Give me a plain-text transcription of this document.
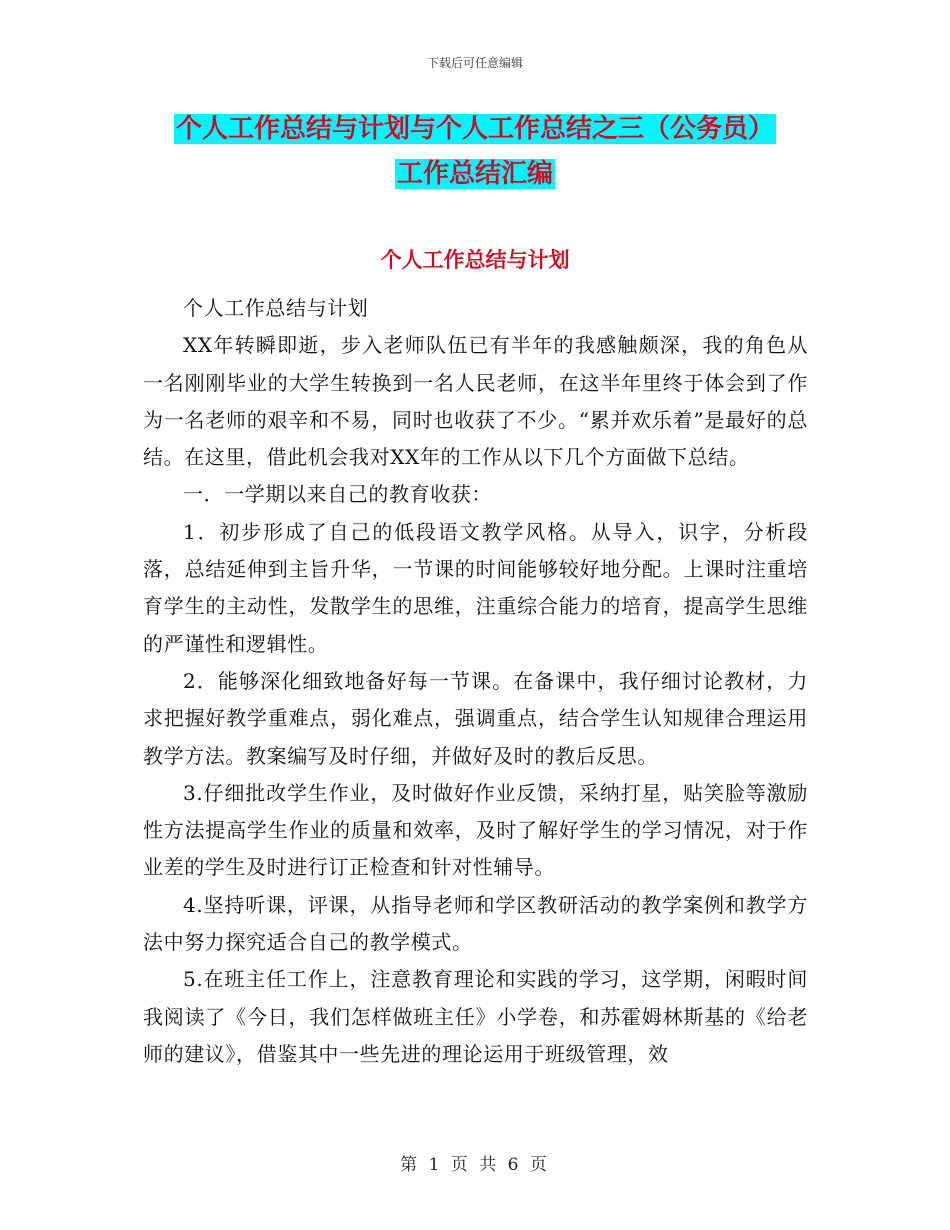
下载后可任意编辑
个人工作总结与计划与个人工作总结之三（公务员）
工作总结汇编
个人工作总结与计划

个人工作总结与计划

XX年转瞬即逝，步入老师队伍已有半年的我感触颇深，我的角色从一名刚刚毕业的大学生转换到一名人民老师，在这半年里终于体会到了作为一名老师的艰辛和不易，同时也收获了不少。“累并欢乐着”是最好的总结。在这里，借此机会我对XX年的工作从以下几个方面做下总结。

一．一学期以来自己的教育收获：

1．初步形成了自己的低段语文教学风格。从导入，识字，分析段落，总结延伸到主旨升华，一节课的时间能够较好地分配。上课时注重培育学生的主动性，发散学生的思维，注重综合能力的培育，提高学生思维的严谨性和逻辑性。

2．能够深化细致地备好每一节课。在备课中，我仔细讨论教材，力求把握好教学重难点，弱化难点，强调重点，结合学生认知规律合理运用教学方法。教案编写及时仔细，并做好及时的教后反思。

3.仔细批改学生作业，及时做好作业反馈，采纳打星，贴笑脸等激励性方法提高学生作业的质量和效率，及时了解好学生的学习情况，对于作业差的学生及时进行订正检查和针对性辅导。

4.坚持听课，评课，从指导老师和学区教研活动的教学案例和教学方法中努力探究适合自己的教学模式。

5.在班主任工作上，注意教育理论和实践的学习，这学期，闲暇时间我阅读了《今日，我们怎样做班主任》小学卷，和苏霍姆林斯基的《给老师的建议》，借鉴其中一些先进的理论运用于班级管理，效

第 1 页 共 6 页
